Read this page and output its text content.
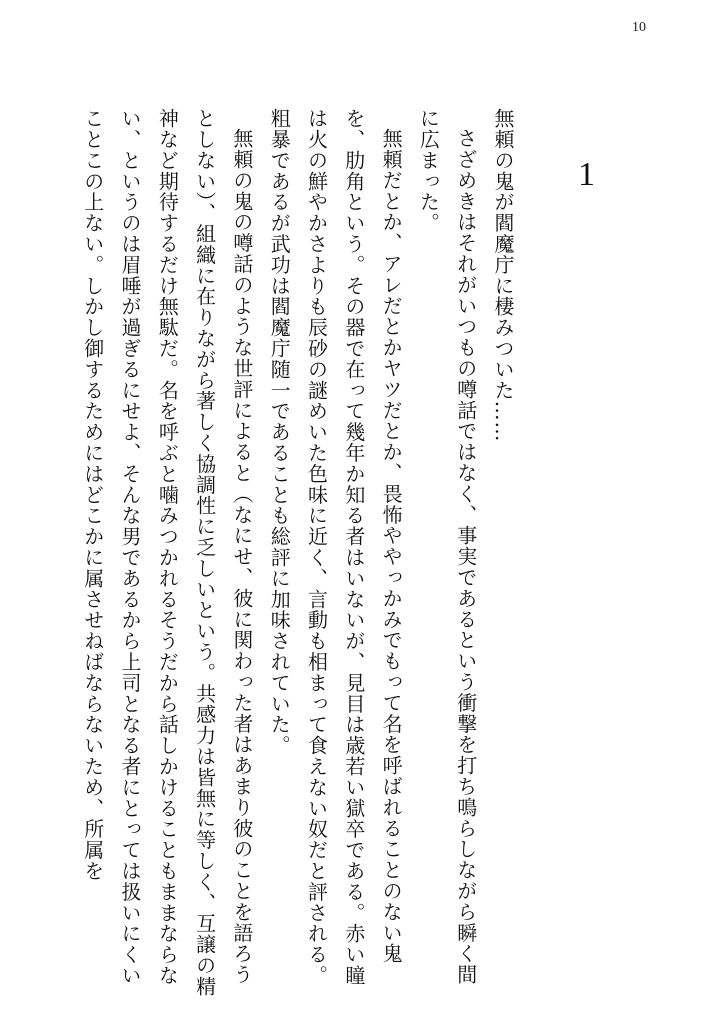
10
1

無頼の鬼が閻魔庁に棲みついた……

さざめきはそれがいつもの噂話ではなく、事実であるという衝撃を打ち鳴らしながら瞬く間に広まった。

無頼だとか、アレだとかヤツだとか、畏怖ややっかみでもって名を呼ばれることのない鬼を、肋角という。その器で在って幾年か知る者はいないが、見目は歳若い獄卒である。赤い瞳は火の鮮やかさよりも辰砂の謎めいた色味に近く、言動も相まって食えない奴だと評される。粗暴であるが武功は閻魔庁随一であることも総評に加味されていた。

無頼の鬼の噂話のような世評によると（なにせ、彼に関わった者はあまり彼のことを語ろうとしない）、組織に在りながら著しく協調性に乏しいという。共感力は皆無に等しく、互譲の精神など期待するだけ無駄だ。名を呼ぶと噛みつかれるそうだから話しかけることもままならない、というのは眉唾が過ぎるにせよ、そんな男であるから上司となる者にとっては扱いにくいことこの上ない。しかし御するためにはどこかに属させねばならないため、所属を
